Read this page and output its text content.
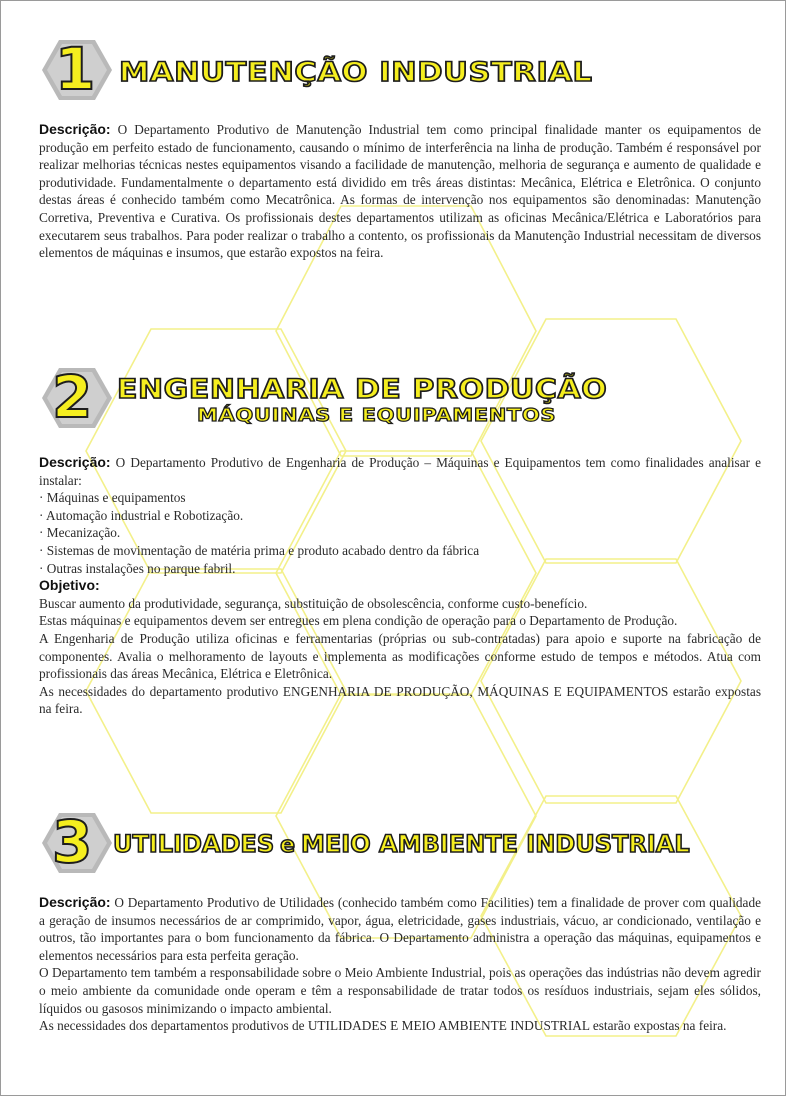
1 MANUTENÇÃO INDUSTRIAL

Descrição: O Departamento Produtivo de Manutenção Industrial tem como principal finalidade manter os equipamentos de produção em perfeito estado de funcionamento, causando o mínimo de interferência na linha de produção. Também é responsável por realizar melhorias técnicas nestes equipamentos visando a facilidade de manutenção, melhoria de segurança e aumento de qualidade e produtividade. Fundamentalmente o departamento está dividido em três áreas distintas: Mecânica, Elétrica e Eletrônica. O conjunto destas áreas é conhecido também como Mecatrônica. As formas de intervenção nos equipamentos são denominadas: Manutenção Corretiva, Preventiva e Curativa. Os profissionais destes departamentos utilizam as oficinas Mecânica/Elétrica e Laboratórios para executarem seus trabalhos. Para poder realizar o trabalho a contento, os profissionais da Manutenção Industrial necessitam de diversos elementos de máquinas e insumos, que estarão expostos na feira.

2 ENGENHARIA DE PRODUÇÃO
MÁQUINAS E EQUIPAMENTOS

Descrição: O Departamento Produtivo de Engenharia de Produção – Máquinas e Equipamentos tem como finalidades analisar e instalar:

· Máquinas e equipamentos
· Automação industrial e Robotização.
· Mecanização.
· Sistemas de movimentação de matéria prima e produto acabado dentro da fábrica
· Outras instalações no parque fabril.

Objetivo:

Buscar aumento da produtividade, segurança, substituição de obsolescência, conforme custo-benefício.

Estas máquinas e equipamentos devem ser entregues em plena condição de operação para o Departamento de Produção.

A Engenharia de Produção utiliza oficinas e ferramentarias (próprias ou sub-contratadas) para apoio e suporte na fabricação de componentes. Avalia o melhoramento de layouts e implementa as modificações conforme estudo de tempos e métodos. Atua com profissionais das áreas Mecânica, Elétrica e Eletrônica.

As necessidades do departamento produtivo ENGENHARIA DE PRODUÇÃO, MÁQUINAS E EQUIPAMENTOS estarão expostas na feira.

3 UTILIDADES e MEIO AMBIENTE INDUSTRIAL

Descrição: O Departamento Produtivo de Utilidades (conhecido também como Facilities) tem a finalidade de prover com qualidade a geração de insumos necessários de ar comprimido, vapor, água, eletricidade, gases industriais, vácuo, ar condicionado, ventilação e outros, tão importantes para o bom funcionamento da fábrica. O Departamento administra a operação das máquinas, equipamentos e elementos necessários para esta perfeita geração.

O Departamento tem também a responsabilidade sobre o Meio Ambiente Industrial, pois as operações das indústrias não devem agredir o meio ambiente da comunidade onde operam e têm a responsabilidade de tratar todos os resíduos industriais, sejam eles sólidos, líquidos ou gasosos minimizando o impacto ambiental.

As necessidades dos departamentos produtivos de UTILIDADES E MEIO AMBIENTE INDUSTRIAL estarão expostas na feira.
